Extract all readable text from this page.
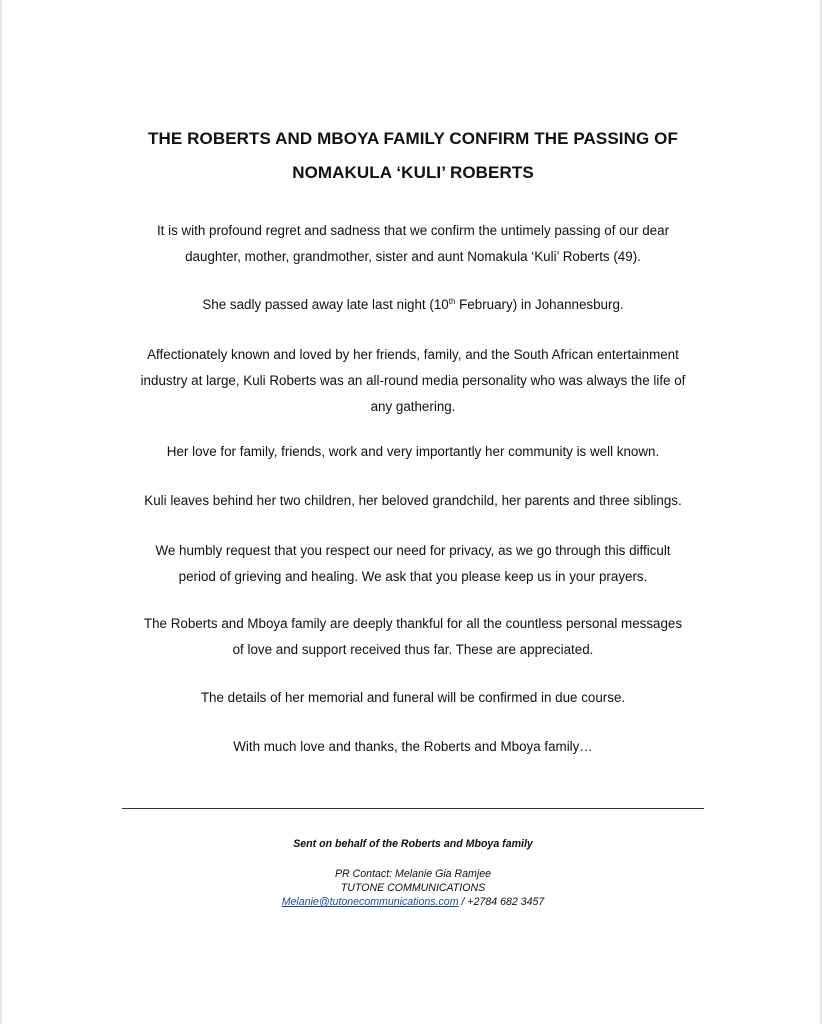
THE ROBERTS AND MBOYA FAMILY CONFIRM THE PASSING OF
NOMAKULA ‘KULI’ ROBERTS
It is with profound regret and sadness that we confirm the untimely passing of our dear
daughter, mother, grandmother, sister and aunt Nomakula ‘Kuli’ Roberts (49).
She sadly passed away late last night (10th February) in Johannesburg.
Affectionately known and loved by her friends, family, and the South African entertainment
industry at large, Kuli Roberts was an all-round media personality who was always the life of
any gathering.
Her love for family, friends, work and very importantly her community is well known.
Kuli leaves behind her two children, her beloved grandchild, her parents and three siblings.
We humbly request that you respect our need for privacy, as we go through this difficult
period of grieving and healing. We ask that you please keep us in your prayers.
The Roberts and Mboya family are deeply thankful for all the countless personal messages
of love and support received thus far. These are appreciated.
The details of her memorial and funeral will be confirmed in due course.
With much love and thanks, the Roberts and Mboya family…
Sent on behalf of the Roberts and Mboya family
PR Contact: Melanie Gia Ramjee
TUTONE COMMUNICATIONS
Melanie@tutonecommunications.com / +2784 682 3457
